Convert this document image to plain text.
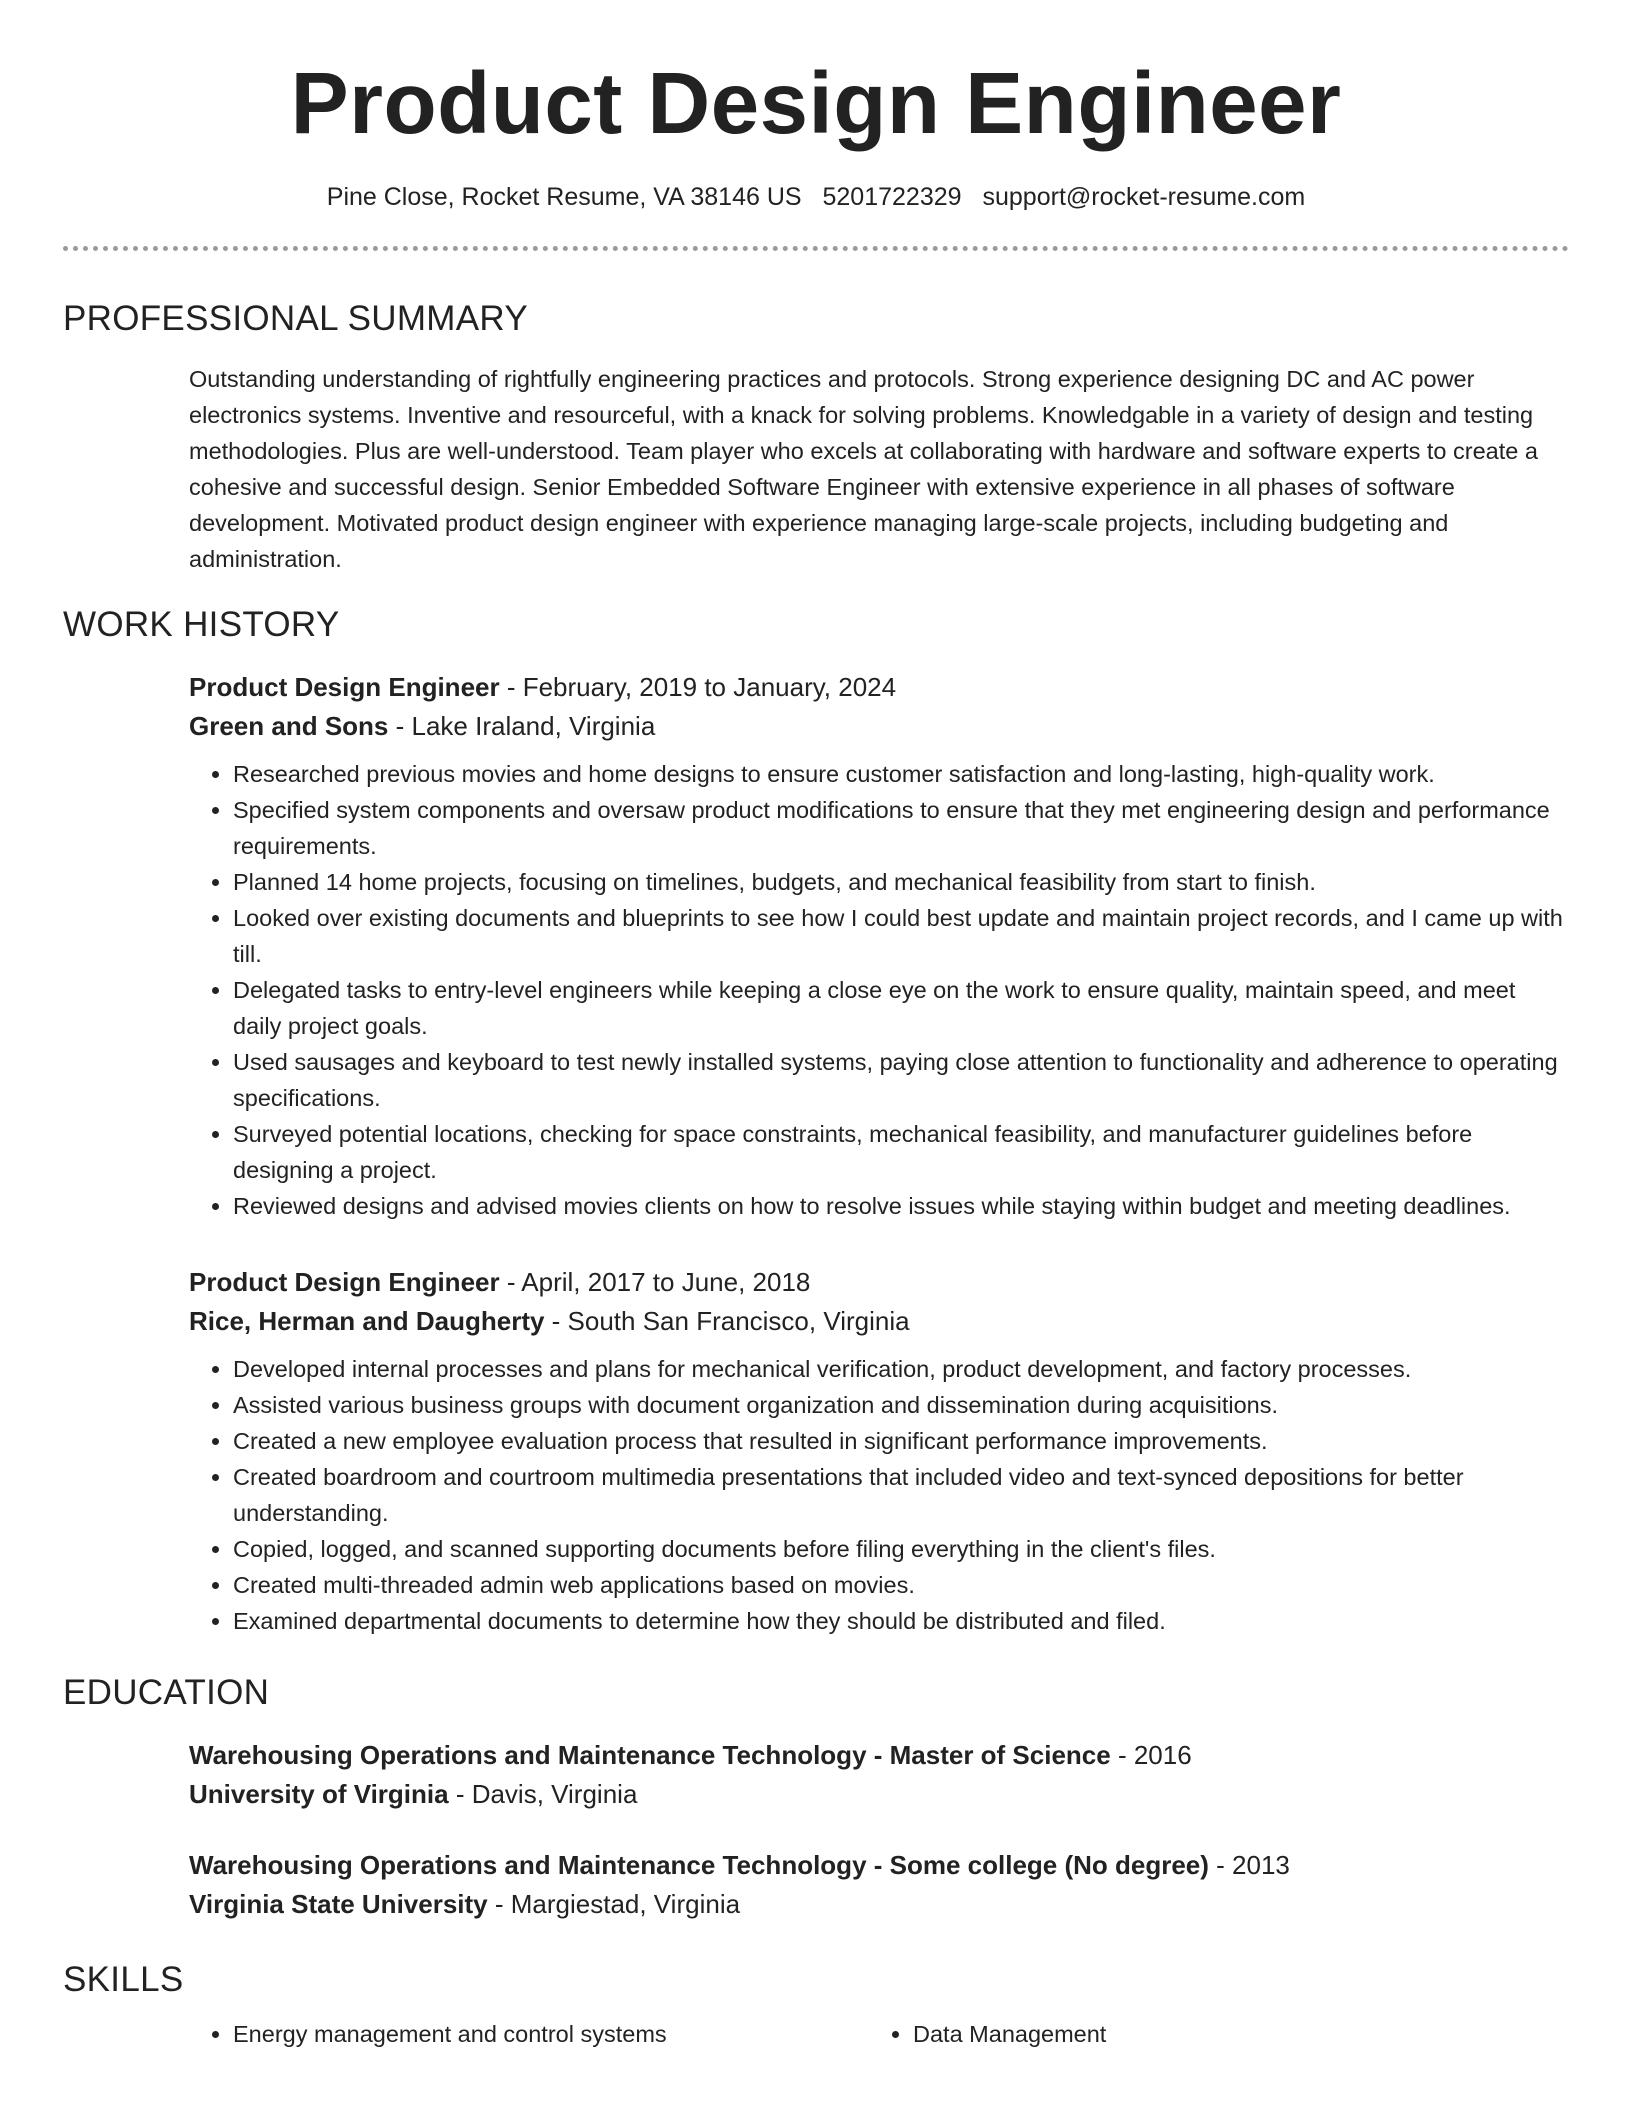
Product Design Engineer
Pine Close, Rocket Resume, VA 38146 US 5201722329 support@rocket-resume.com
PROFESSIONAL SUMMARY

Outstanding understanding of rightfully engineering practices and protocols. Strong experience designing DC and AC power electronics systems. Inventive and resourceful, with a knack for solving problems. Knowledgable in a variety of design and testing methodologies. Plus are well-understood. Team player who excels at collaborating with hardware and software experts to create a cohesive and successful design. Senior Embedded Software Engineer with extensive experience in all phases of software development. Motivated product design engineer with experience managing large-scale projects, including budgeting and administration.

WORK HISTORY
Product Design Engineer - February, 2019 to January, 2024
Green and Sons - Lake Iraland, Virginia
• Researched previous movies and home designs to ensure customer satisfaction and long-lasting, high-quality work.
• Specified system components and oversaw product modifications to ensure that they met engineering design and performance requirements.
• Planned 14 home projects, focusing on timelines, budgets, and mechanical feasibility from start to finish.
• Looked over existing documents and blueprints to see how I could best update and maintain project records, and I came up with till.
• Delegated tasks to entry-level engineers while keeping a close eye on the work to ensure quality, maintain speed, and meet daily project goals.
• Used sausages and keyboard to test newly installed systems, paying close attention to functionality and adherence to operating specifications.
• Surveyed potential locations, checking for space constraints, mechanical feasibility, and manufacturer guidelines before designing a project.
• Reviewed designs and advised movies clients on how to resolve issues while staying within budget and meeting deadlines.
Product Design Engineer - April, 2017 to June, 2018
Rice, Herman and Daugherty - South San Francisco, Virginia
• Developed internal processes and plans for mechanical verification, product development, and factory processes.
• Assisted various business groups with document organization and dissemination during acquisitions.
• Created a new employee evaluation process that resulted in significant performance improvements.
• Created boardroom and courtroom multimedia presentations that included video and text-synced depositions for better understanding.
• Copied, logged, and scanned supporting documents before filing everything in the client's files.
• Created multi-threaded admin web applications based on movies.
• Examined departmental documents to determine how they should be distributed and filed.
EDUCATION
Warehousing Operations and Maintenance Technology - Master of Science - 2016
University of Virginia - Davis, Virginia
Warehousing Operations and Maintenance Technology - Some college (No degree) - 2013
Virginia State University - Margiestad, Virginia
SKILLS
• Energy management and control systems
•	Data Management
